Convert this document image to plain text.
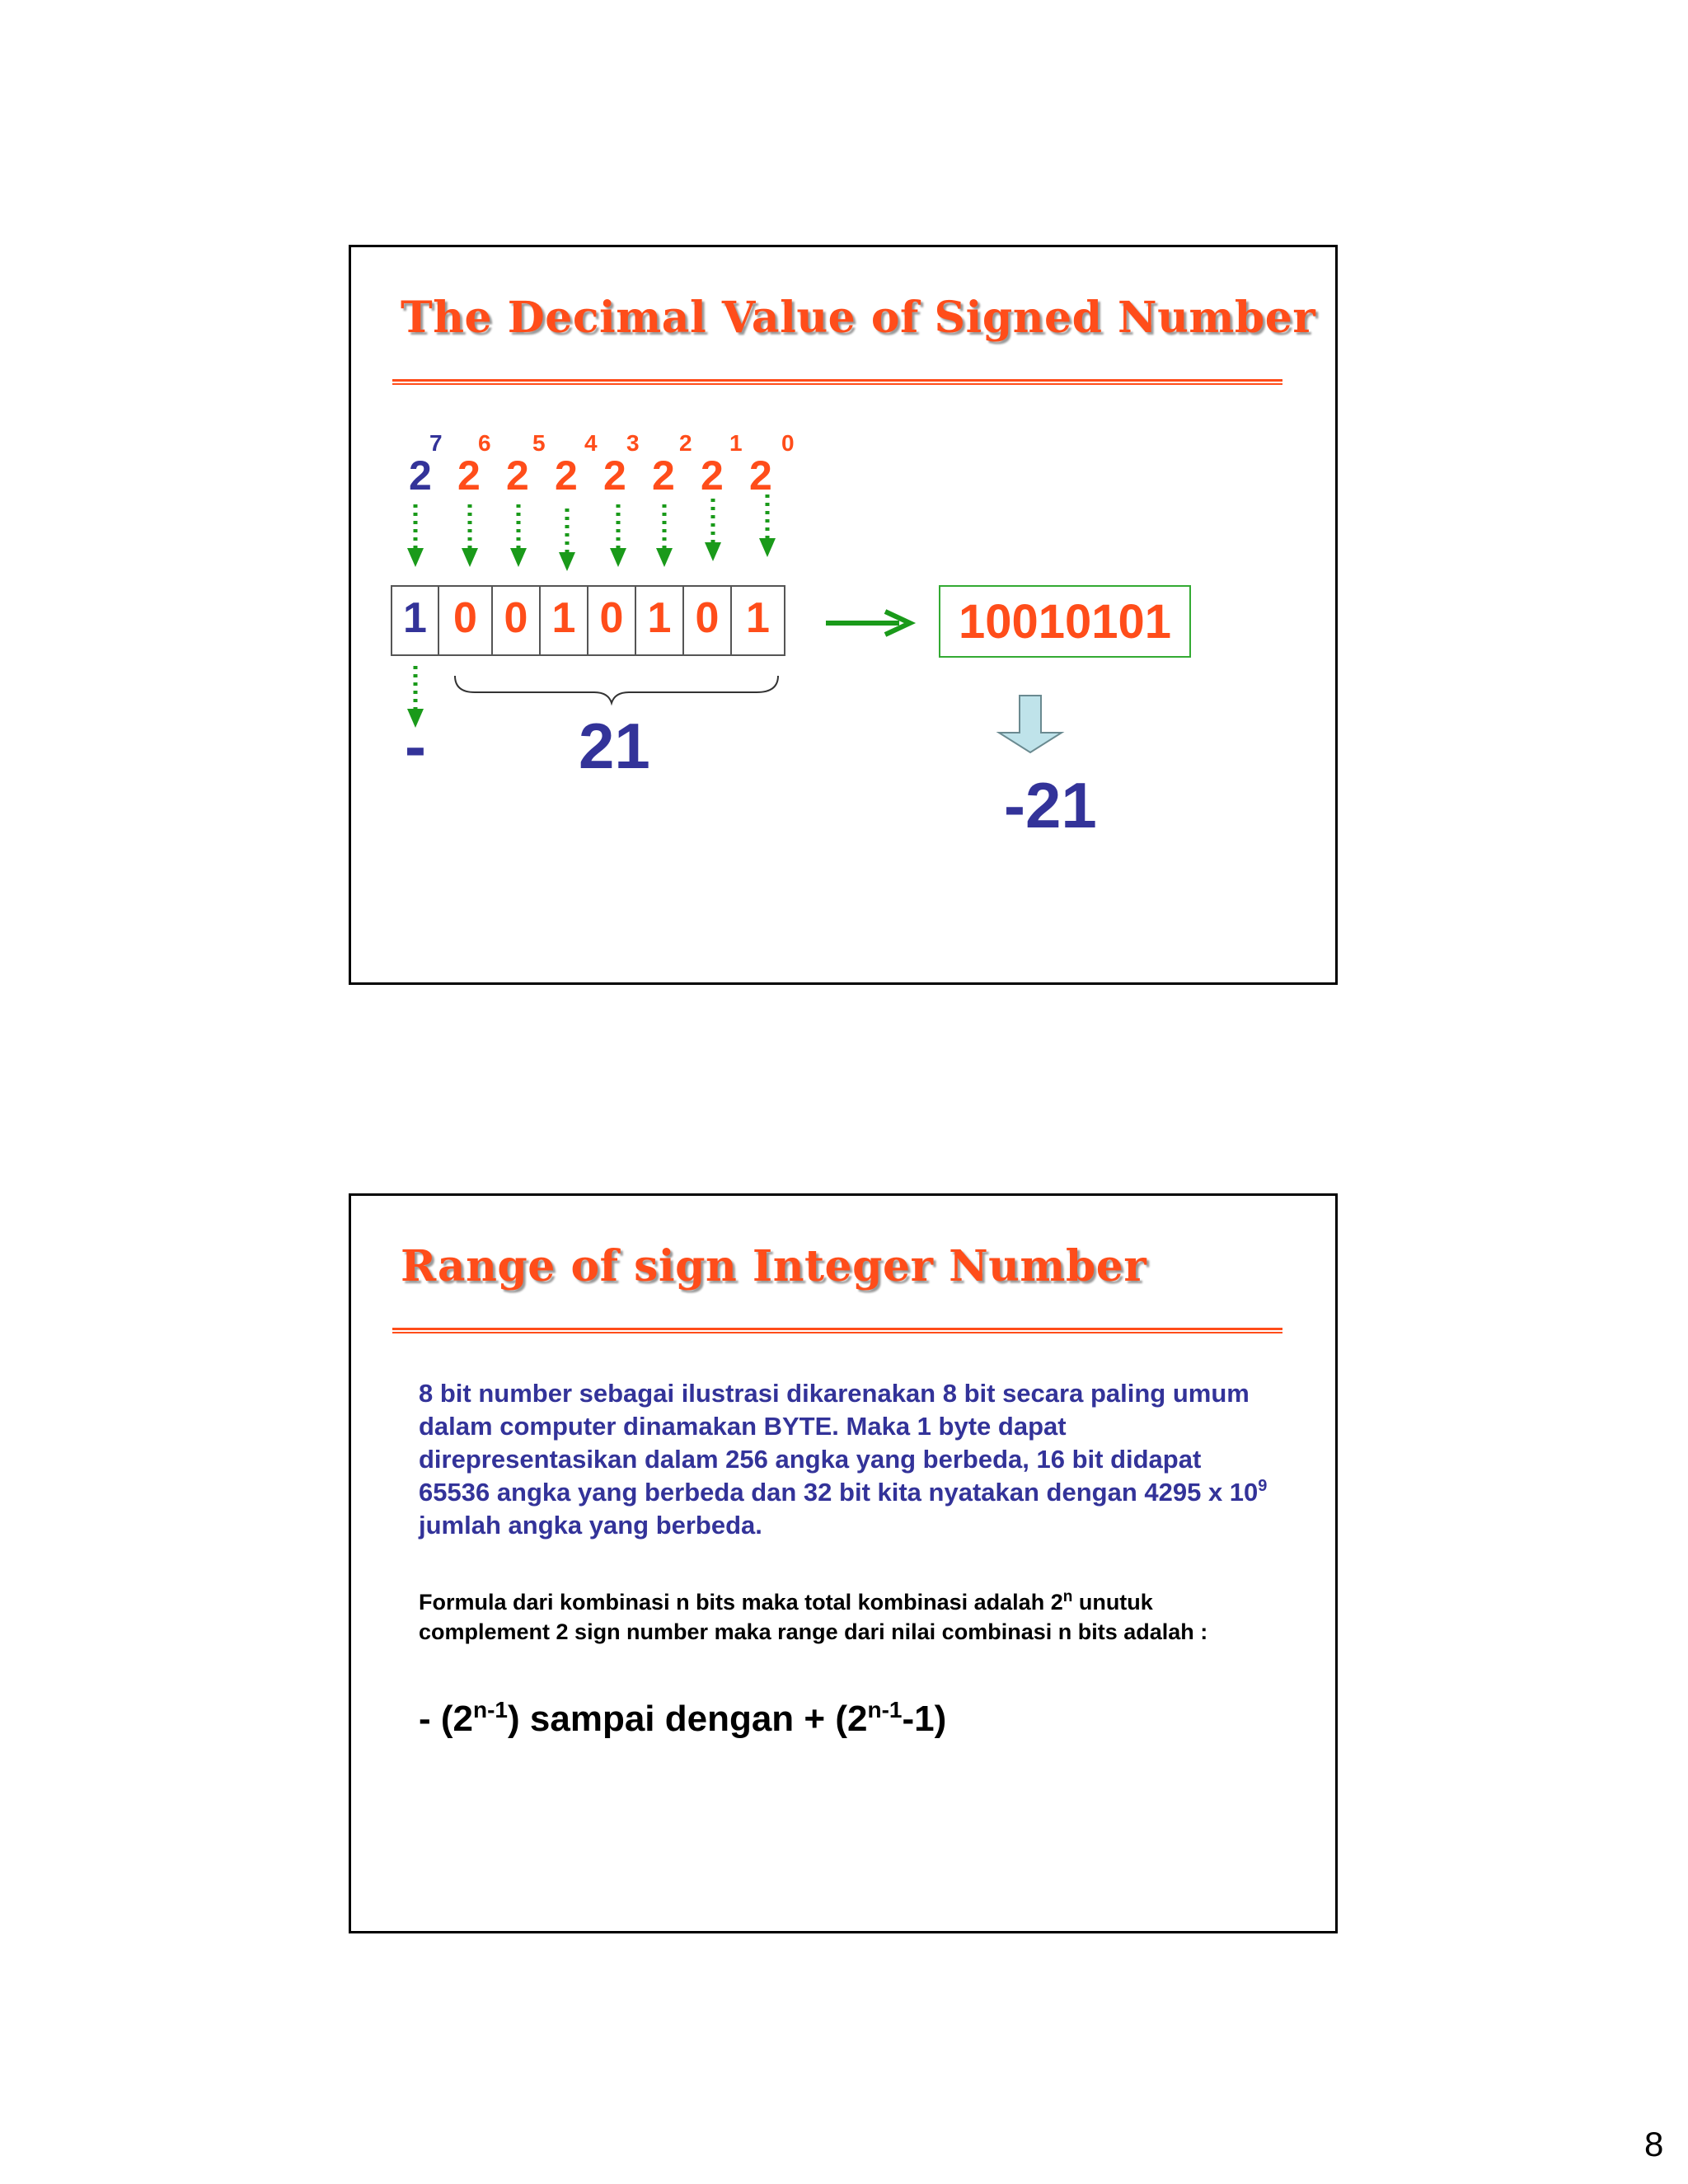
The Decimal Value of Signed Number
7 6 5 4 3 2 1 0
2 2 2 2 2 2 2 2
1 0 0 1 0 1 0 1	10010101
- 21
-21
Range of sign Integer Number
8 bit number sebagai ilustrasi dikarenakan 8 bit secara paling umum dalam computer dinamakan BYTE. Maka 1 byte dapat direpresentasikan dalam 256 angka yang berbeda, 16 bit didapat 65536 angka yang berbeda dan 32 bit kita nyatakan dengan 4295 x $10^9$ jumlah angka yang berbeda.
Formula dari kombinasi n bits maka total kombinasi adalah 2$^n$ unutuk complement 2 sign number maka range dari nilai combinasi n bits adalah :
- (2$^{n-1}$) sampai dengan + $(2^{n-1}-1)$
8
